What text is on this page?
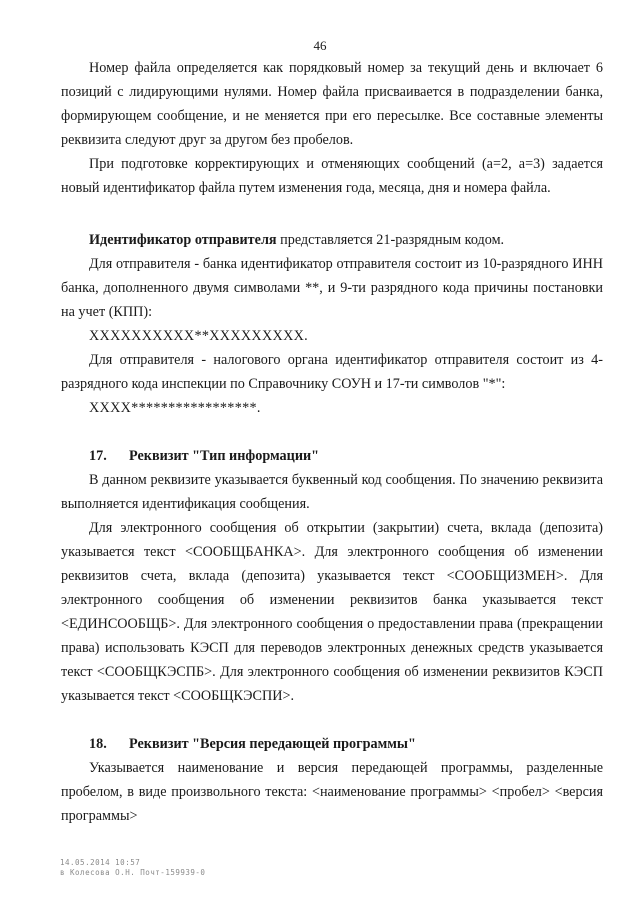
46

Номер файла определяется как порядковый номер за текущий день и включает 6 позиций с лидирующими нулями. Номер файла присваивается в подразделении банка, формирующем сообщение, и не меняется при его пересылке. Все составные элементы реквизита следуют друг за другом без пробелов.

При подготовке корректирующих и отменяющих сообщений (a=2, a=3) задается новый идентификатор файла путем изменения года, месяца, дня и номера файла.

Идентификатор отправителя представляется 21-разрядным кодом.

Для отправителя - банка идентификатор отправителя состоит из 10-разрядного ИНН банка, дополненного двумя символами **, и 9-ти разрядного кода причины постановки на учет (КПП):

XXXXXXXXXX**XXXXXXXXX.

Для отправителя - налогового органа идентификатор отправителя состоит из 4-разрядного кода инспекции по Справочнику СОУН и 17-ти символов "*":

XXXX*****************.

17. Реквизит "Тип информации"

В данном реквизите указывается буквенный код сообщения. По значению реквизита выполняется идентификация сообщения.

Для электронного сообщения об открытии (закрытии) счета, вклада (депозита) указывается текст <СООБЩБАНКА>. Для электронного сообщения об изменении реквизитов счета, вклада (депозита) указывается текст <СООБЩИЗМЕН>. Для электронного сообщения об изменении реквизитов банка указывается текст <ЕДИНСООБЩБ>. Для электронного сообщения о предоставлении права (прекращении права) использовать КЭСП для переводов электронных денежных средств указывается текст <СООБЩКЭСПБ>. Для электронного сообщения об изменении реквизитов КЭСП указывается текст <СООБЩКЭСПИ>.

18. Реквизит "Версия передающей программы"

Указывается наименование и версия передающей программы, разделенные пробелом, в виде произвольного текста: <наименование программы> <пробел> <версия программы>

14.05.2014 10:57
в Колесова О.Н. Почт-159939-0
